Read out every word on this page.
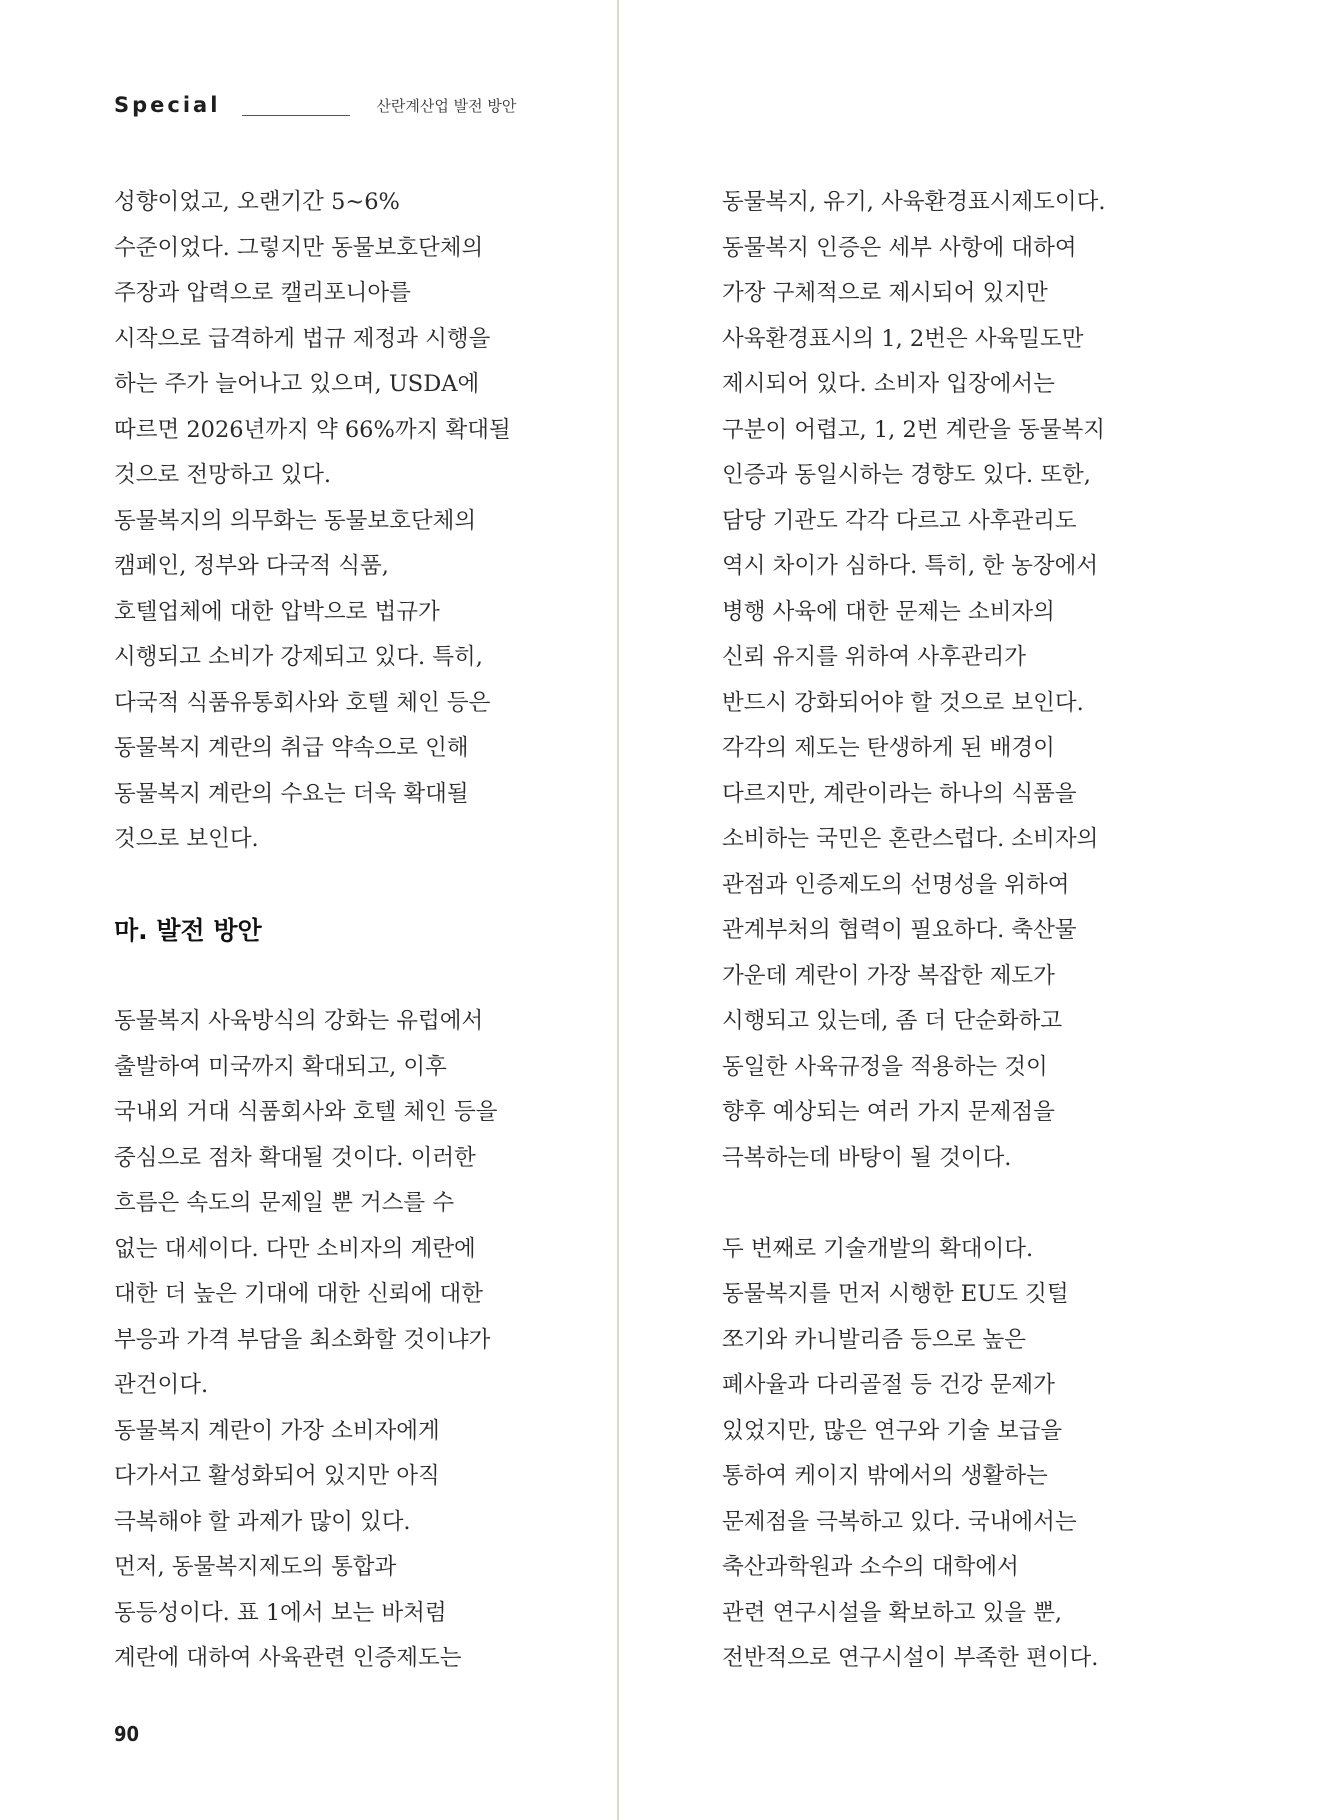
Special	산란계산업 발전 방안
성향이었고, 오랜기간 5~6%
수준이었다. 그렇지만 동물보호단체의
주장과 압력으로 캘리포니아를
시작으로 급격하게 법규 제정과 시행을
하는 주가 늘어나고 있으며, USDA에
따르면 2026년까지 약 66%까지 확대될
것으로 전망하고 있다.
동물복지의 의무화는 동물보호단체의
캠페인, 정부와 다국적 식품,
호텔업체에 대한 압박으로 법규가
시행되고 소비가 강제되고 있다. 특히,
다국적 식품유통회사와 호텔 체인 등은
동물복지 계란의 취급 약속으로 인해
동물복지 계란의 수요는 더욱 확대될
것으로 보인다.
마. 발전 방안
동물복지 사육방식의 강화는 유럽에서
출발하여 미국까지 확대되고, 이후
국내외 거대 식품회사와 호텔 체인 등을
중심으로 점차 확대될 것이다. 이러한
흐름은 속도의 문제일 뿐 거스를 수
없는 대세이다. 다만 소비자의 계란에
대한 더 높은 기대에 대한 신뢰에 대한
부응과 가격 부담을 최소화할 것이냐가
관건이다.
동물복지 계란이 가장 소비자에게
다가서고 활성화되어 있지만 아직
극복해야 할 과제가 많이 있다.
먼저, 동물복지제도의 통합과
동등성이다. 표 1에서 보는 바처럼
계란에 대하여 사육관련 인증제도는
동물복지, 유기, 사육환경표시제도이다.
동물복지 인증은 세부 사항에 대하여
가장 구체적으로 제시되어 있지만
사육환경표시의 1, 2번은 사육밀도만
제시되어 있다. 소비자 입장에서는
구분이 어렵고, 1, 2번 계란을 동물복지
인증과 동일시하는 경향도 있다. 또한,
담당 기관도 각각 다르고 사후관리도
역시 차이가 심하다. 특히, 한 농장에서
병행 사육에 대한 문제는 소비자의
신뢰 유지를 위하여 사후관리가
반드시 강화되어야 할 것으로 보인다.
각각의 제도는 탄생하게 된 배경이
다르지만, 계란이라는 하나의 식품을
소비하는 국민은 혼란스럽다. 소비자의
관점과 인증제도의 선명성을 위하여
관계부처의 협력이 필요하다. 축산물
가운데 계란이 가장 복잡한 제도가
시행되고 있는데, 좀 더 단순화하고
동일한 사육규정을 적용하는 것이
향후 예상되는 여러 가지 문제점을
극복하는데 바탕이 될 것이다.
두 번째로 기술개발의 확대이다.
동물복지를 먼저 시행한 EU도 깃털
쪼기와 카니발리즘 등으로 높은
폐사율과 다리골절 등 건강 문제가
있었지만, 많은 연구와 기술 보급을
통하여 케이지 밖에서의 생활하는
문제점을 극복하고 있다. 국내에서는
축산과학원과 소수의 대학에서
관련 연구시설을 확보하고 있을 뿐,
전반적으로 연구시설이 부족한 편이다.
90
